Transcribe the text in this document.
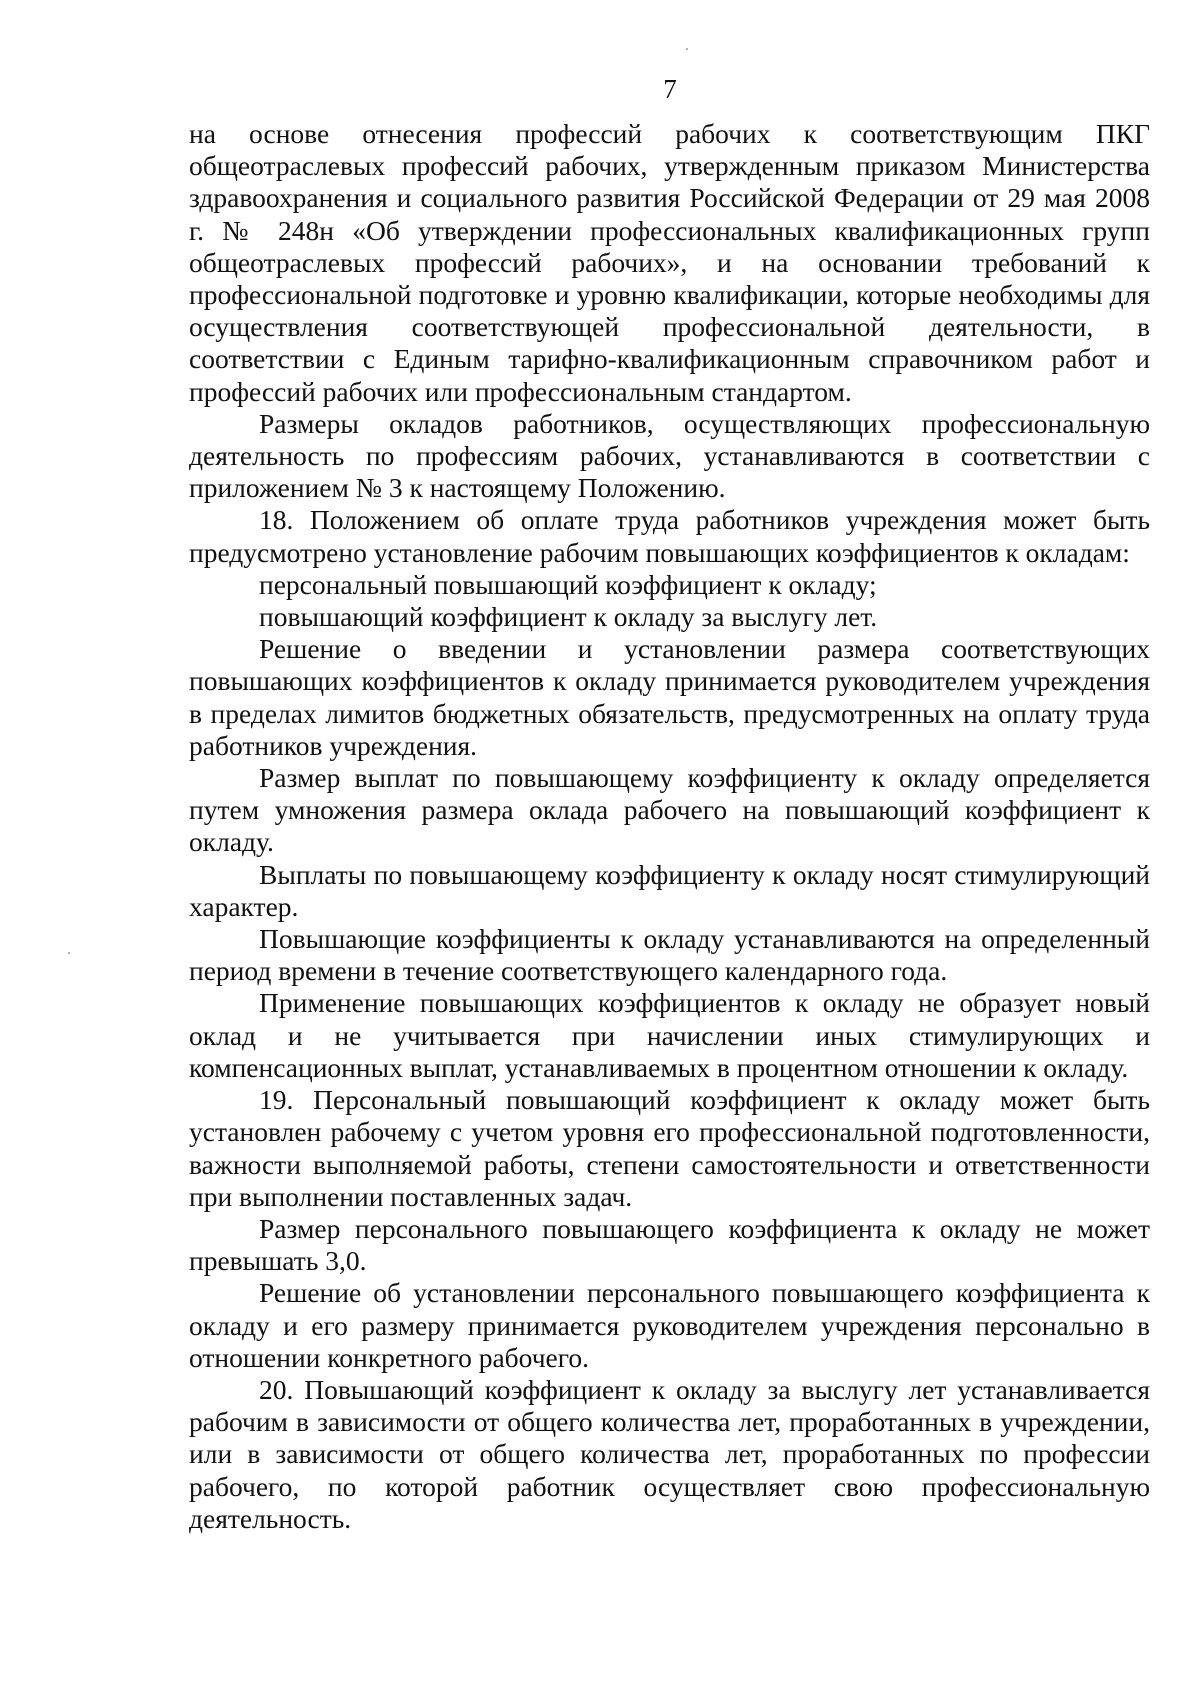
7

на основе отнесения профессий рабочих к соответствующим ПКГ общеотраслевых профессий рабочих, утвержденным приказом Министерства здравоохранения и социального развития Российской Федерации от 29 мая 2008 г. № 248н «Об утверждении профессиональных квалификационных групп общеотраслевых профессий рабочих», и на основании требований к профессиональной подготовке и уровню квалификации, которые необходимы для осуществления соответствующей профессиональной деятельности, в соответствии с Единым тарифно-квалификационным справочником работ и профессий рабочих или профессиональным стандартом.

Размеры окладов работников, осуществляющих профессиональную деятельность по профессиям рабочих, устанавливаются в соответствии с приложением № 3 к настоящему Положению.

18. Положением об оплате труда работников учреждения может быть предусмотрено установление рабочим повышающих коэффициентов к окладам:

персональный повышающий коэффициент к окладу;

повышающий коэффициент к окладу за выслугу лет.

Решение о введении и установлении размера соответствующих повышающих коэффициентов к окладу принимается руководителем учреждения в пределах лимитов бюджетных обязательств, предусмотренных на оплату труда работников учреждения.

Размер выплат по повышающему коэффициенту к окладу определяется путем умножения размера оклада рабочего на повышающий коэффициент к окладу.

Выплаты по повышающему коэффициенту к окладу носят стимулирующий характер.

Повышающие коэффициенты к окладу устанавливаются на определенный период времени в течение соответствующего календарного года.

Применение повышающих коэффициентов к окладу не образует новый оклад и не учитывается при начислении иных стимулирующих и компенсационных выплат, устанавливаемых в процентном отношении к окладу.

19. Персональный повышающий коэффициент к окладу может быть установлен рабочему с учетом уровня его профессиональной подготовленности, важности выполняемой работы, степени самостоятельности и ответственности при выполнении поставленных задач.

Размер персонального повышающего коэффициента к окладу не может превышать 3,0.

Решение об установлении персонального повышающего коэффициента к окладу и его размеру принимается руководителем учреждения персонально в отношении конкретного рабочего.

20. Повышающий коэффициент к окладу за выслугу лет устанавливается рабочим в зависимости от общего количества лет, проработанных в учреждении, или в зависимости от общего количества лет, проработанных по профессии рабочего, по которой работник осуществляет свою профессиональную деятельность.
